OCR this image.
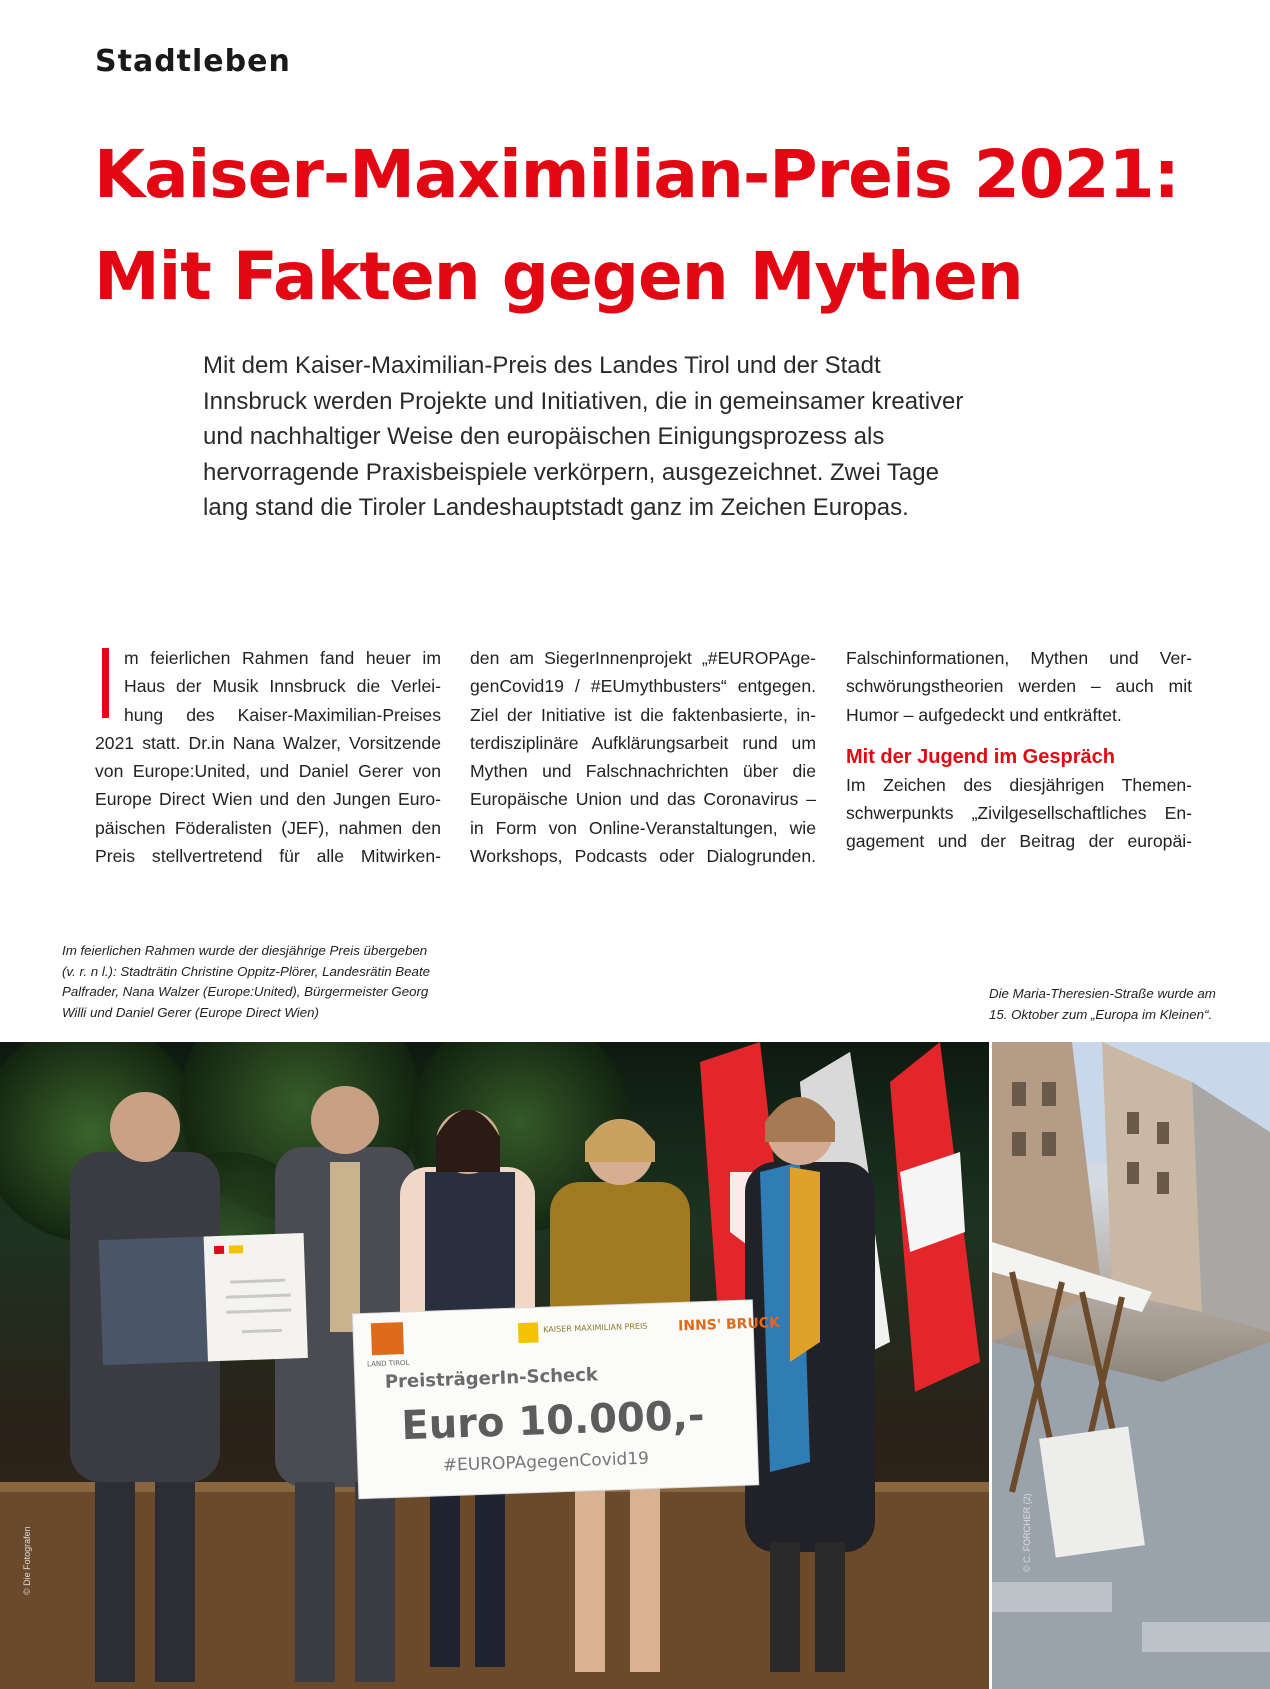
Stadtleben
Kaiser-Maximilian-Preis 2021:
Mit Fakten gegen Mythen

Mit dem Kaiser-Maximilian-Preis des Landes Tirol und der Stadt
Innsbruck werden Projekte und Initiativen, die in gemeinsamer kreativer
und nachhaltiger Weise den europäischen Einigungsprozess als
hervorragende Praxisbeispiele verkörpern, ausgezeichnet. Zwei Tage
lang stand die Tiroler Landeshauptstadt ganz im Zeichen Europas.

m feierlichen Rahmen fand heuer im
Haus der Musik Innsbruck die Verlei-
hung des Kaiser-Maximilian-Preises
2021 statt. Dr.in Nana Walzer, Vorsitzende
von Europe:United, und Daniel Gerer von
Europe Direct Wien und den Jungen Euro-
päischen Föderalisten (JEF), nahmen den
Preis stellvertretend für alle Mitwirken-
den am SiegerInnenprojekt „#EUROPAge-
genCovid19 / #EUmythbusters“ entgegen.
Ziel der Initiative ist die faktenbasierte, in-
terdisziplinäre Aufklärungsarbeit rund um
Mythen und Falschnachrichten über die
Europäische Union und das Coronavirus –
in Form von Online-Veranstaltungen, wie
Workshops, Podcasts oder Dialogrunden.
Falschinformationen, Mythen und Ver-
schwörungstheorien werden – auch mit
Humor – aufgedeckt und entkräftet.
Mit der Jugend im Gespräch
Im Zeichen des diesjährigen Themen-
schwerpunkts „Zivilgesellschaftliches En-
gagement und der Beitrag der europäi-

Im feierlichen Rahmen wurde der diesjährige Preis übergeben
(v. r. n l.): Stadträtin Christine Oppitz-Plörer, Landesrätin Beate
Palfrader, Nana Walzer (Europe:United), Bürgermeister Georg
Willi und Daniel Gerer (Europe Direct Wien)

Die Maria-Theresien-Straße wurde am
15. Oktober zum „Europa im Kleinen“.

LAND TIROL
KAISER MAXIMILIAN PREIS INNS' BRUCK
PreisträgerIn-Scheck
Euro 10.000,-
#EUROPAgegenCovid19
© Die Fotografen	© C. FORCHER (2)
